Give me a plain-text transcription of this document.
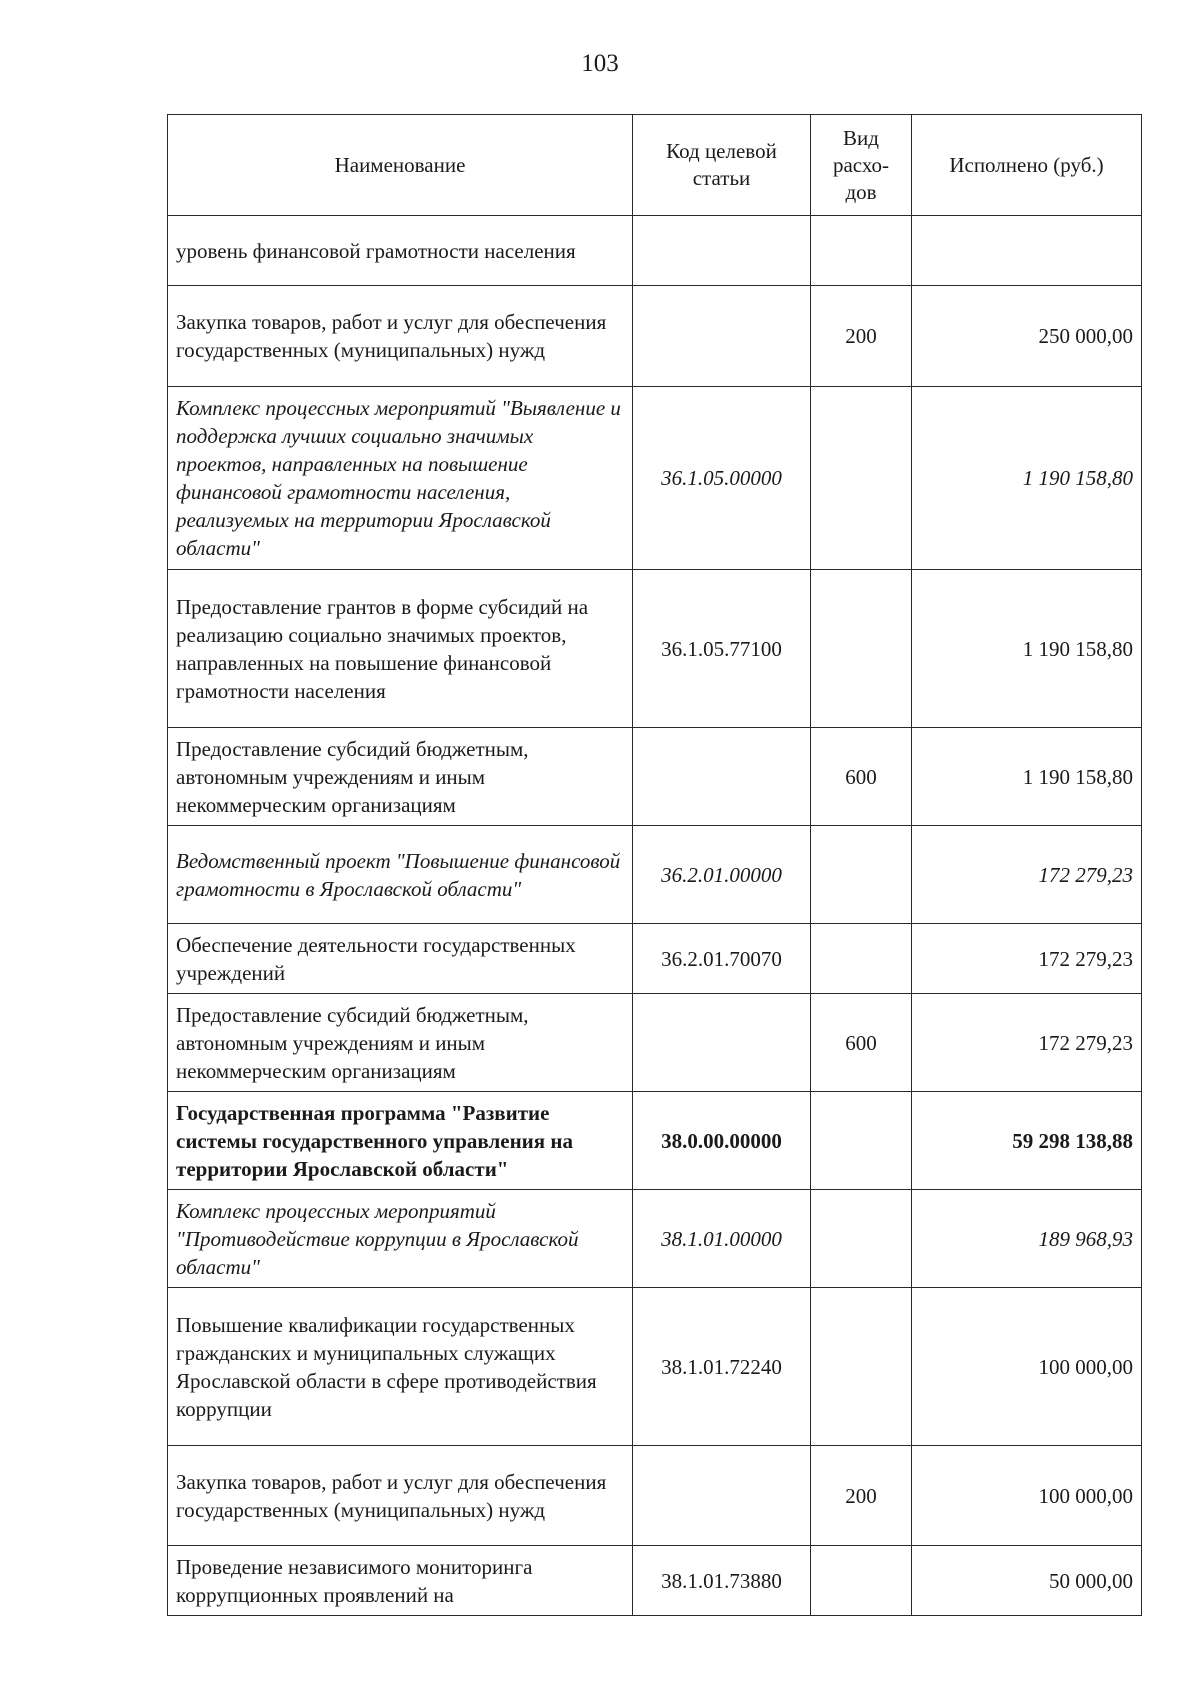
103
Наименование	Код целевой статьи	Вид расхо-дов	Исполнено (руб.)
уровень финансовой грамотности населения			
Закупка товаров, работ и услуг для обеспечения государственных (муниципальных) нужд		200	250 000,00
Комплекс процессных мероприятий "Выявление и поддержка лучших социально значимых проектов, направленных на повышение финансовой грамотности населения, реализуемых на территории Ярославской области"	36.1.05.00000		1 190 158,80
Предоставление грантов в форме субсидий на реализацию социально значимых проектов, направленных на повышение финансовой грамотности населения	36.1.05.77100		1 190 158,80
Предоставление субсидий бюджетным, автономным учреждениям и иным некоммерческим организациям		600	1 190 158,80
Ведомственный проект "Повышение финансовой грамотности в Ярославской области"	36.2.01.00000		172 279,23
Обеспечение деятельности государственных учреждений	36.2.01.70070		172 279,23
Предоставление субсидий бюджетным, автономным учреждениям и иным некоммерческим организациям		600	172 279,23
Государственная программа "Развитие системы государственного управления на территории Ярославской области"	38.0.00.00000		59 298 138,88
Комплекс процессных мероприятий "Противодействие коррупции в Ярославской области"	38.1.01.00000		189 968,93
Повышение квалификации государственных гражданских и муниципальных служащих Ярославской области в сфере противодействия коррупции	38.1.01.72240		100 000,00
Закупка товаров, работ и услуг для обеспечения государственных (муниципальных) нужд		200	100 000,00
Проведение независимого мониторинга коррупционных проявлений на	38.1.01.73880		50 000,00
